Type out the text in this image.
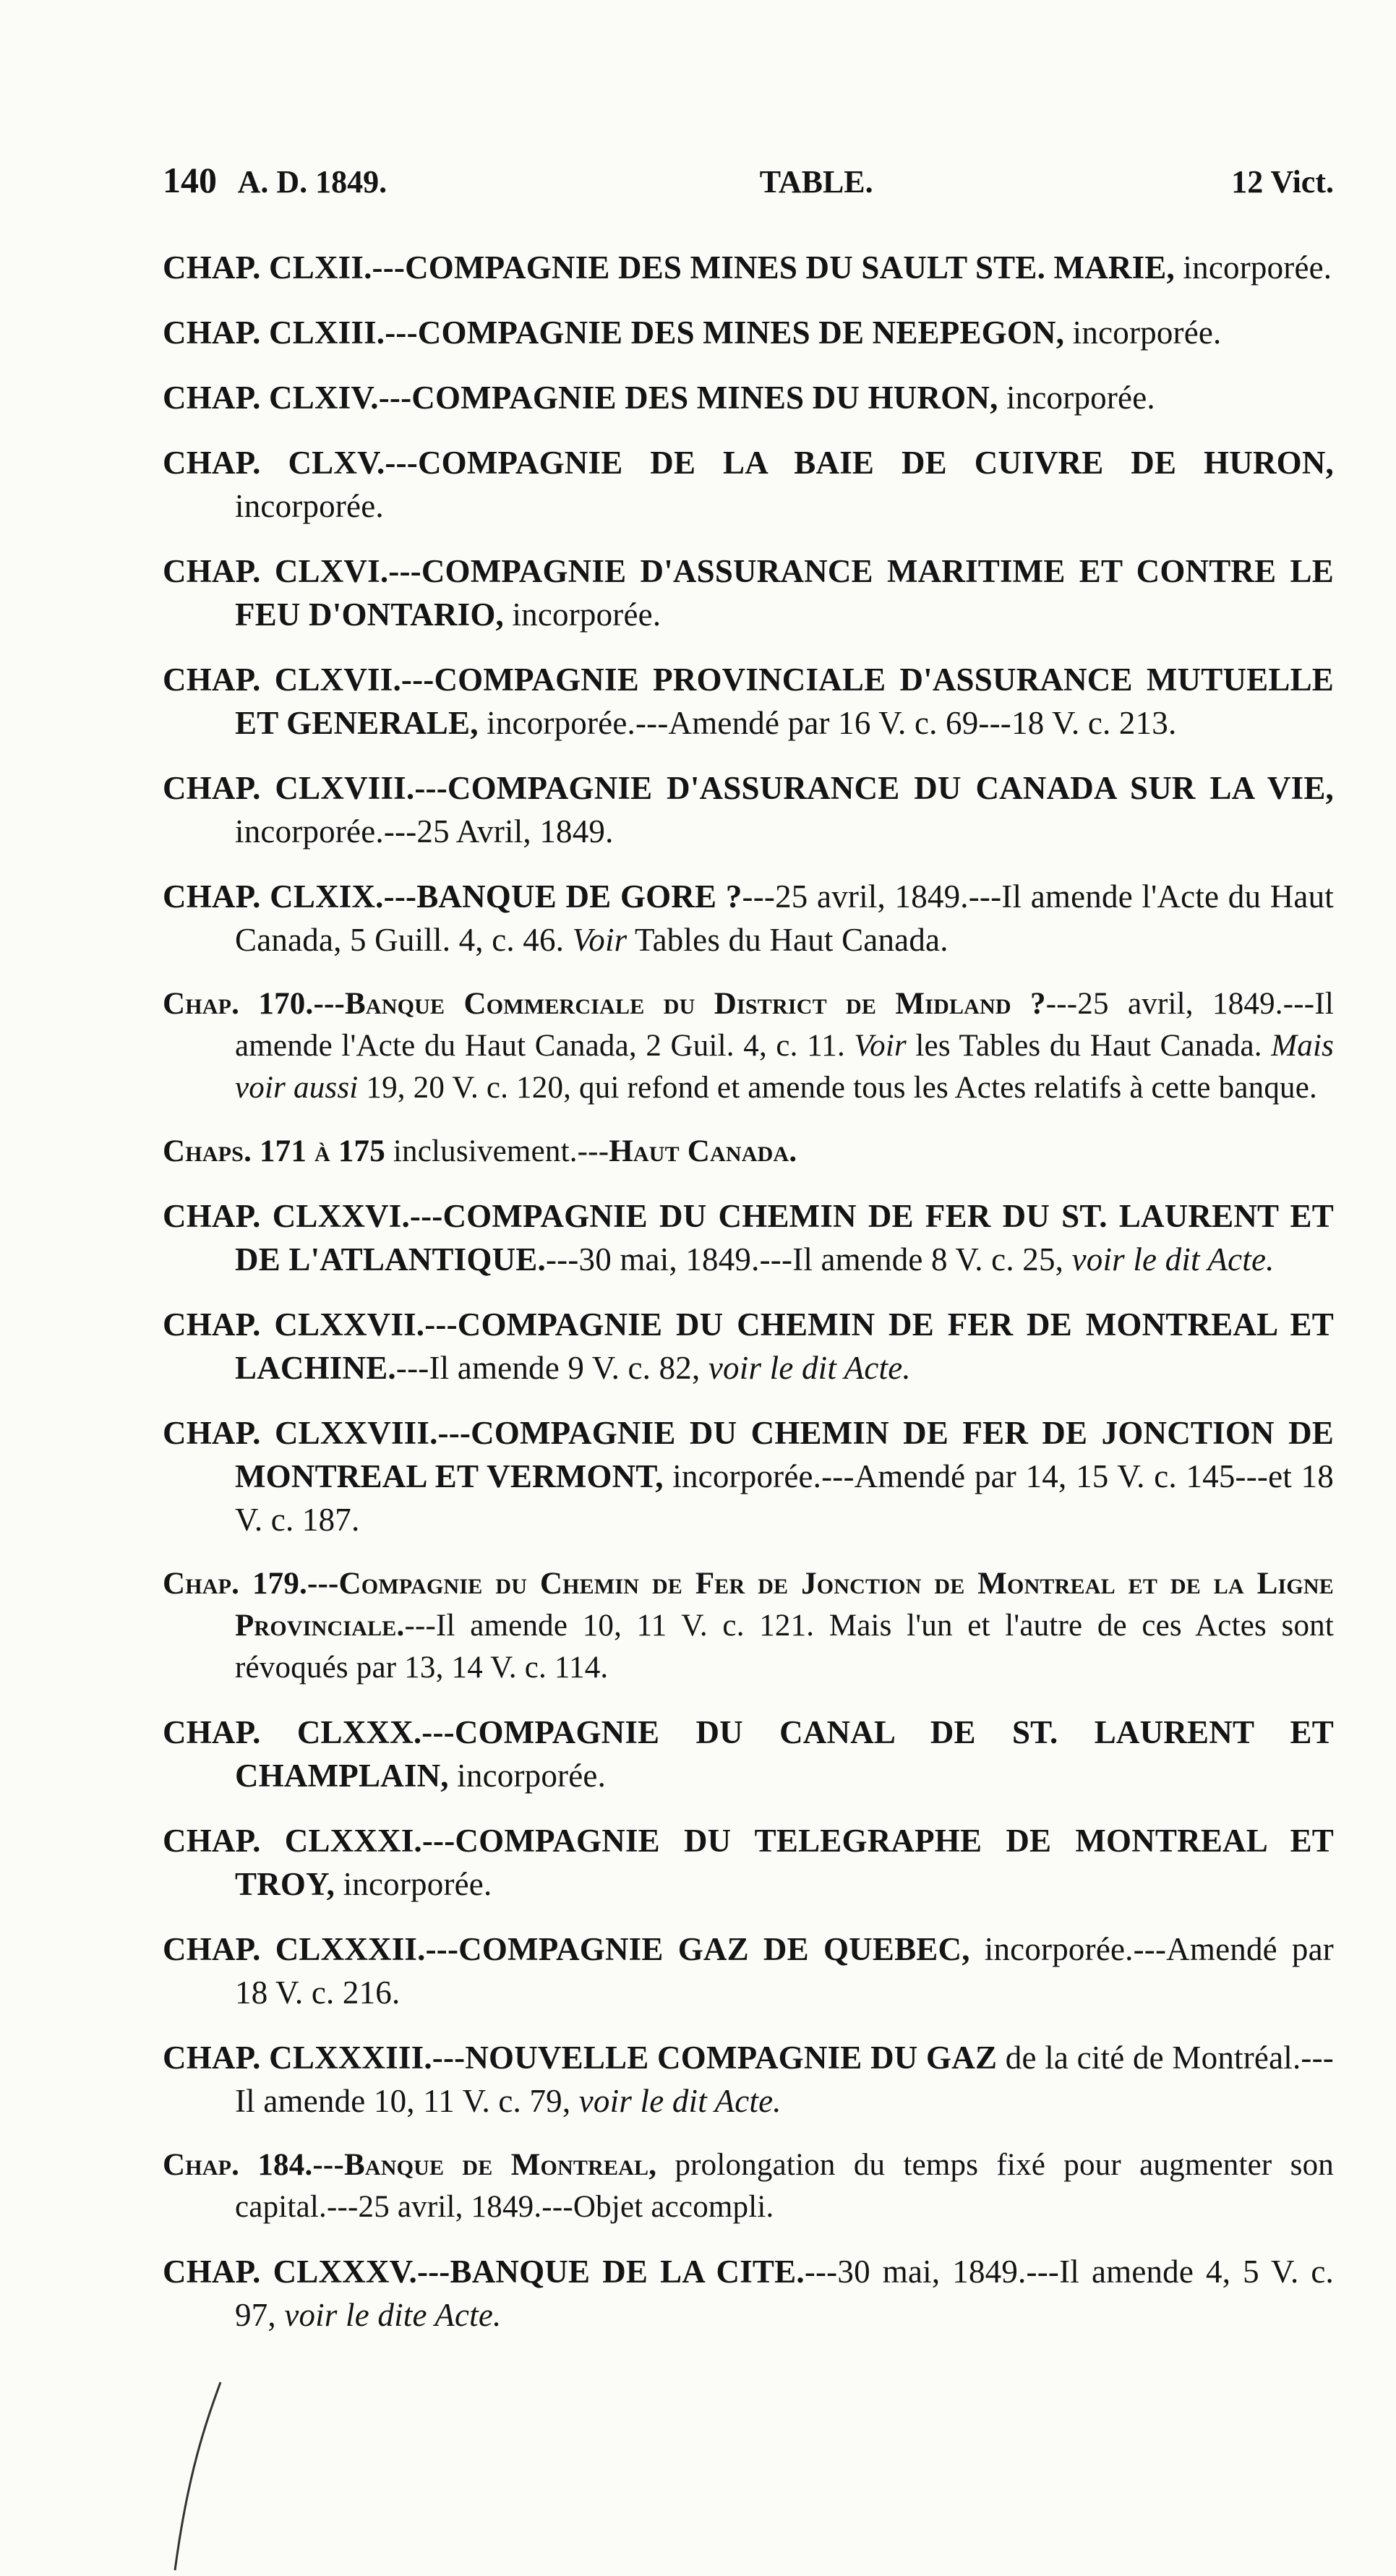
140 A. D. 1849.	TABLE.	12 Vict.

CHAP. CLXII.---COMPAGNIE DES MINES DU SAULT STE. MARIE, incorporée.

CHAP. CLXIII.---COMPAGNIE DES MINES DE NEEPEGON, incorporée.

CHAP. CLXIV.---COMPAGNIE DES MINES DU HURON, incorporée.

CHAP. CLXV.---COMPAGNIE DE LA BAIE DE CUIVRE DE HURON, incorporée.

CHAP. CLXVI.---COMPAGNIE D'ASSURANCE MARITIME ET CONTRE LE FEU D'ONTARIO, incorporée.

CHAP. CLXVII.---COMPAGNIE PROVINCIALE D'ASSURANCE MUTUELLE ET GENERALE, incorporée.---Amendé par 16 V. c. 69---18 V. c. 213.

CHAP. CLXVIII.---COMPAGNIE D'ASSURANCE DU CANADA SUR LA VIE, incorporée.---25 Avril, 1849.

CHAP. CLXIX.---BANQUE DE GORE ?---25 avril, 1849.---Il amende l'Acte du Haut Canada, 5 Guill. 4, c. 46. Voir Tables du Haut Canada.

Chap. 170.---Banque Commerciale du District de Midland ?---25 avril, 1849.---Il amende l'Acte du Haut Canada, 2 Guil. 4, c. 11. Voir les Tables du Haut Canada. Mais voir aussi 19, 20 V. c. 120, qui refond et amende tous les Actes relatifs à cette banque.

Chaps. 171 à 175 inclusivement.---Haut Canada.

CHAP. CLXXVI.---COMPAGNIE DU CHEMIN DE FER DU ST. LAURENT ET DE L'ATLANTIQUE.---30 mai, 1849.---Il amende 8 V. c. 25, voir le dit Acte.

CHAP. CLXXVII.---COMPAGNIE DU CHEMIN DE FER DE MONTREAL ET LACHINE.---Il amende 9 V. c. 82, voir le dit Acte.

CHAP. CLXXVIII.---COMPAGNIE DU CHEMIN DE FER DE JONCTION DE MONTREAL ET VERMONT, incorporée.---Amendé par 14, 15 V. c. 145---et 18 V. c. 187.

Chap. 179.---Compagnie du Chemin de Fer de Jonction de Montreal et de la Ligne Provinciale.---Il amende 10, 11 V. c. 121. Mais l'un et l'autre de ces Actes sont révoqués par 13, 14 V. c. 114.

CHAP. CLXXX.---COMPAGNIE DU CANAL DE ST. LAURENT ET CHAMPLAIN, incorporée.

CHAP. CLXXXI.---COMPAGNIE DU TELEGRAPHE DE MONTREAL ET TROY, incorporée.

CHAP. CLXXXII.---COMPAGNIE GAZ DE QUEBEC, incorporée.---Amendé par 18 V. c. 216.

CHAP. CLXXXIII.---NOUVELLE COMPAGNIE DU GAZ de la cité de Montréal.---Il amende 10, 11 V. c. 79, voir le dit Acte.

Chap. 184.---Banque de Montreal, prolongation du temps fixé pour augmenter son capital.---25 avril, 1849.---Objet accompli.

CHAP. CLXXXV.---BANQUE DE LA CITE.---30 mai, 1849.---Il amende 4, 5 V. c. 97, voir le dite Acte.
